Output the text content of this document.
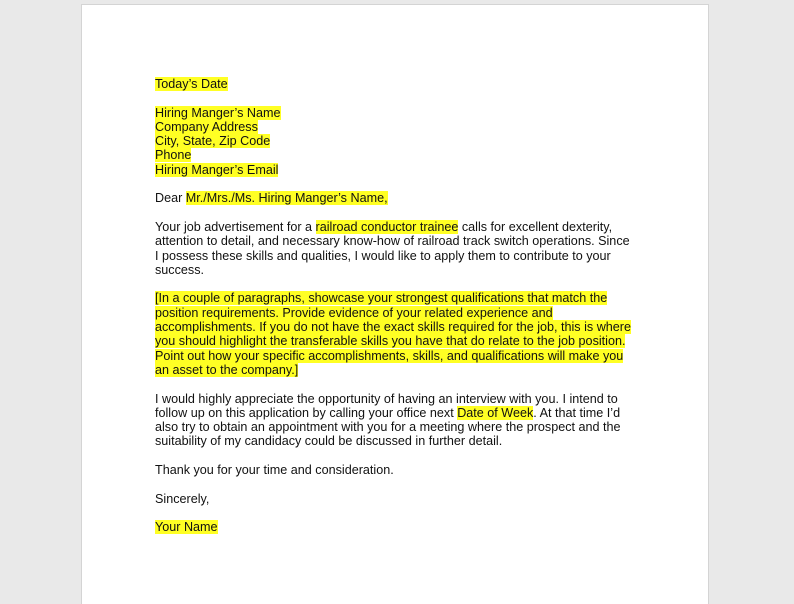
Today’s Date

Hiring Manger’s Name
Company Address
City, State, Zip Code
Phone
Hiring Manger’s Email

Dear Mr./Mrs./Ms. Hiring Manger’s Name,

Your job advertisement for a railroad conductor trainee calls for excellent dexterity, attention to detail, and necessary know-how of railroad track switch operations. Since I possess these skills and qualities, I would like to apply them to contribute to your success.

[In a couple of paragraphs, showcase your strongest qualifications that match the position requirements. Provide evidence of your related experience and accomplishments. If you do not have the exact skills required for the job, this is where you should highlight the transferable skills you have that do relate to the job position. Point out how your specific accomplishments, skills, and qualifications will make you an asset to the company.]

I would highly appreciate the opportunity of having an interview with you. I intend to follow up on this application by calling your office next Date of Week. At that time I’d also try to obtain an appointment with you for a meeting where the prospect and the suitability of my candidacy could be discussed in further detail.

Thank you for your time and consideration.

Sincerely,

Your Name
